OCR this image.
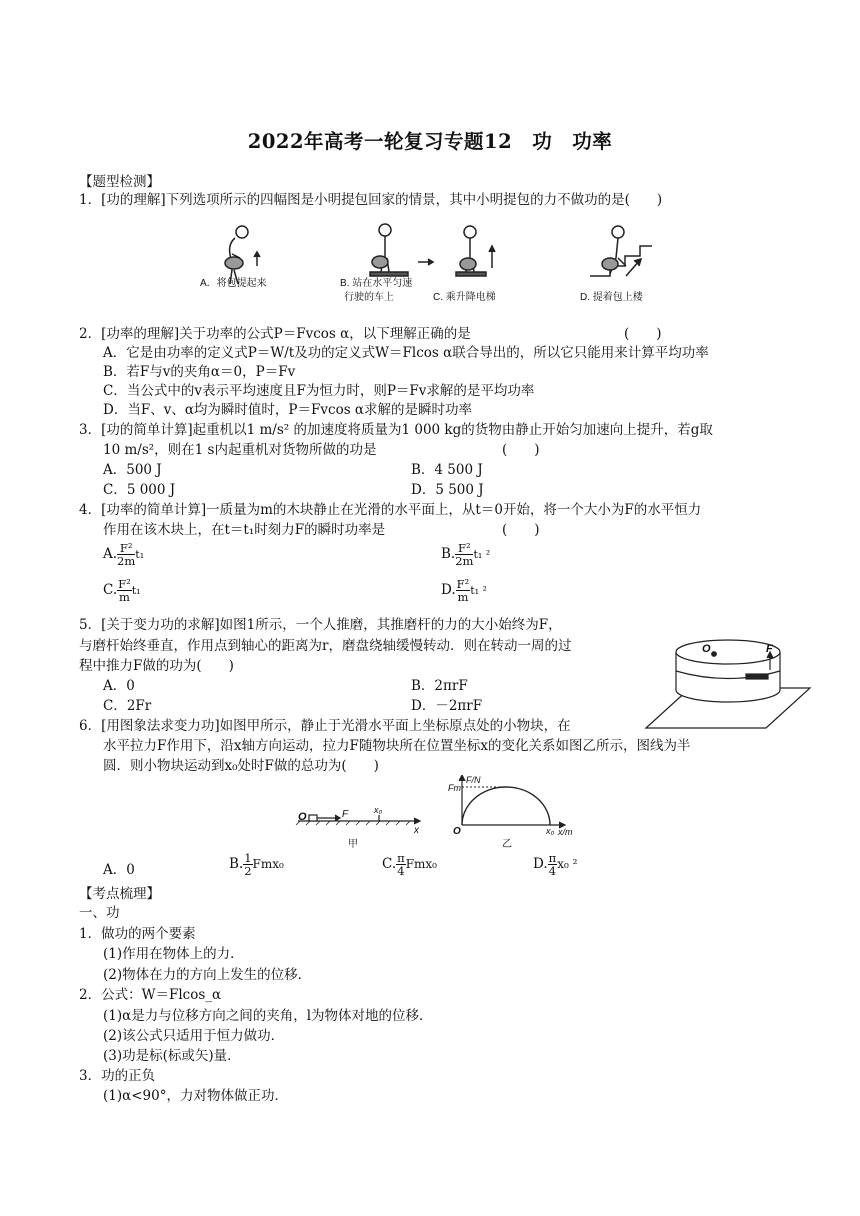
2022年高考一轮复习专题12　功　功率
【题型检测】
1．[功的理解]下列选项所示的四幅图是小明提包回家的情景，其中小明提包的力不做功的是(　　)
A．将包提起来	B. 站在水平匀速
行驶的车上	C. 乘升降电梯	D. 提着包上楼
2．[功率的理解]关于功率的公式P＝Fvcos α，以下理解正确的是	(　　)
A．它是由功率的定义式P＝W/t及功的定义式W＝Flcos α联合导出的，所以它只能用来计算平均功率
B．若F与v的夹角α＝0，P＝Fv
C．当公式中的v表示平均速度且F为恒力时，则P＝Fv求解的是平均功率
D．当F、v、α均为瞬时值时，P＝Fvcos α求解的是瞬时功率
3．[功的简单计算]起重机以1 m/s² 的加速度将质量为1 000 kg的货物由静止开始匀加速向上提升，若g取
10 m/s²，则在1 s内起重机对货物所做的功是	(　　)
A．500 J	B．4 500 J
C．5 000 J	D．5 500 J
4．[功率的简单计算]一质量为m的木块静止在光滑的水平面上，从t＝0开始，将一个大小为F的水平恒力
作用在该木块上，在t＝t₁时刻力F的瞬时功率是	(　　)
A. $\frac{\text{F²}}{2m} t_1$	B. $\frac{\text{F²}}{2m} t_1$ ²
C. $\frac{\text{F²}}{m} t_1$	D. $\frac{\text{F²}}{m} t_1$ ²
5．[关于变力功的求解]如图1所示，一个人推磨，其推磨杆的力的大小始终为F，
与磨杆始终垂直，作用点到轴心的距离为r，磨盘绕轴缓慢转动．则在转动一周的过
程中推力F做的功为(　　)
A．0	B．2πrF
C．2Fr	D．－2πrF
O	F
6．[用图象法求变力功]如图甲所示，静止于光滑水平面上坐标原点处的小物块，在
水平拉力F作用下，沿x轴方向运动，拉力F随物块所在位置坐标x的变化关系如图乙所示，图线为半
圆．则小物块运动到x₀处时F做的总功为(　　)
O	F	x₀
x
甲
F/N
Fm
O	x₀ x/m
乙
A．0	B. $\frac{1}{2} Fmx_0$	C. $\frac{\pi}{4} Fmx_0$	D. $\frac{\pi}{4} x_0$ ²
【考点梳理】
一、功
1．做功的两个要素
(1)作用在物体上的力．
(2)物体在力的方向上发生的位移．
2．公式：W＝Flcos_α
(1)α是力与位移方向之间的夹角，l为物体对地的位移．
(2)该公式只适用于恒力做功．
(3)功是标(标或矢)量．
3．功的正负
(1)α<90°，力对物体做正功．
